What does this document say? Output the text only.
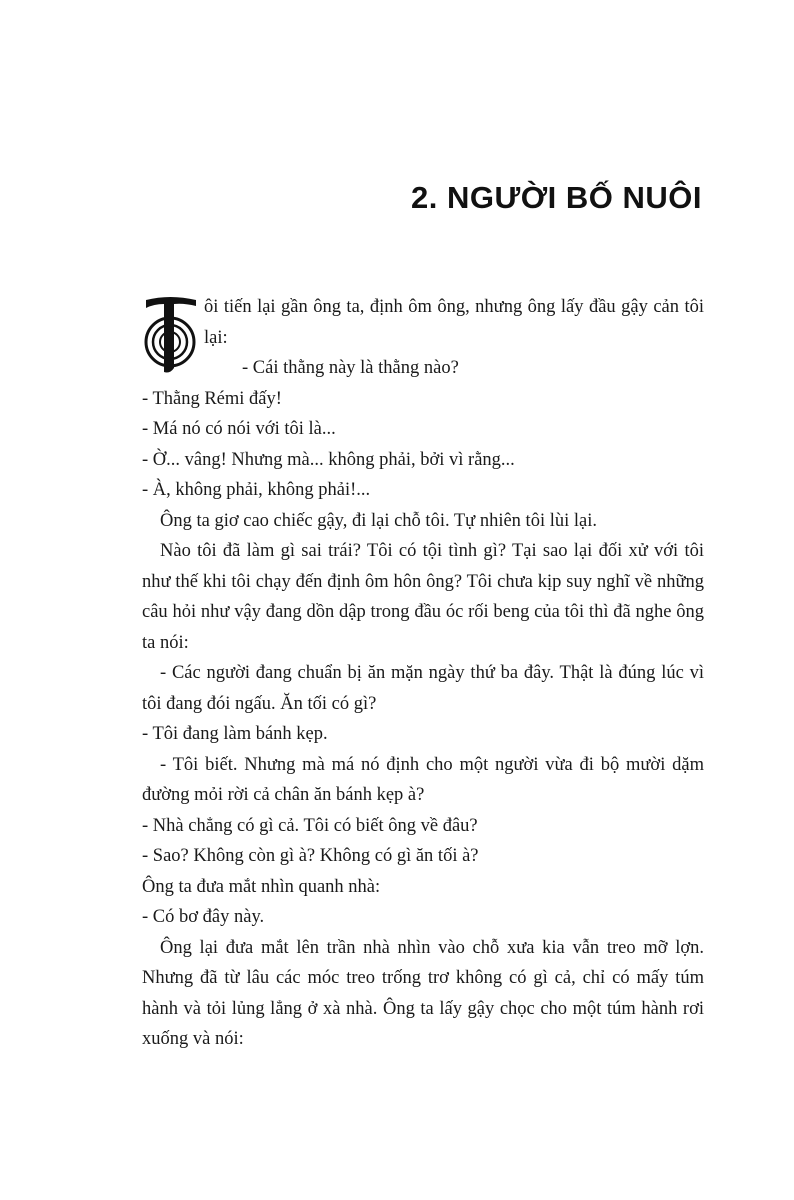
2. NGƯỜI BỐ NUÔI

ôi tiến lại gần ông ta, định ôm ông, nhưng ông lấy đầu gậy cản tôi lại:

- Cái thằng này là thằng nào?

- Thằng Rémi đấy!

- Má nó có nói với tôi là...

- Ờ... vâng! Nhưng mà... không phải, bởi vì rằng...

- À, không phải, không phải!...

Ông ta giơ cao chiếc gậy, đi lại chỗ tôi. Tự nhiên tôi lùi lại.

Nào tôi đã làm gì sai trái? Tôi có tội tình gì? Tại sao lại đối xử với tôi như thế khi tôi chạy đến định ôm hôn ông? Tôi chưa kịp suy nghĩ về những câu hỏi như vậy đang dồn dập trong đầu óc rối beng của tôi thì đã nghe ông ta nói:

- Các người đang chuẩn bị ăn mặn ngày thứ ba đây. Thật là đúng lúc vì tôi đang đói ngấu. Ăn tối có gì?

- Tôi đang làm bánh kẹp.

- Tôi biết. Nhưng mà má nó định cho một người vừa đi bộ mười dặm đường mỏi rời cả chân ăn bánh kẹp à?

- Nhà chẳng có gì cả. Tôi có biết ông về đâu?

- Sao? Không còn gì à? Không có gì ăn tối à?

Ông ta đưa mắt nhìn quanh nhà:

- Có bơ đây này.

Ông lại đưa mắt lên trần nhà nhìn vào chỗ xưa kia vẫn treo mỡ lợn. Nhưng đã từ lâu các móc treo trống trơ không có gì cả, chỉ có mấy túm hành và tỏi lủng lẳng ở xà nhà. Ông ta lấy gậy chọc cho một túm hành rơi xuống và nói:
